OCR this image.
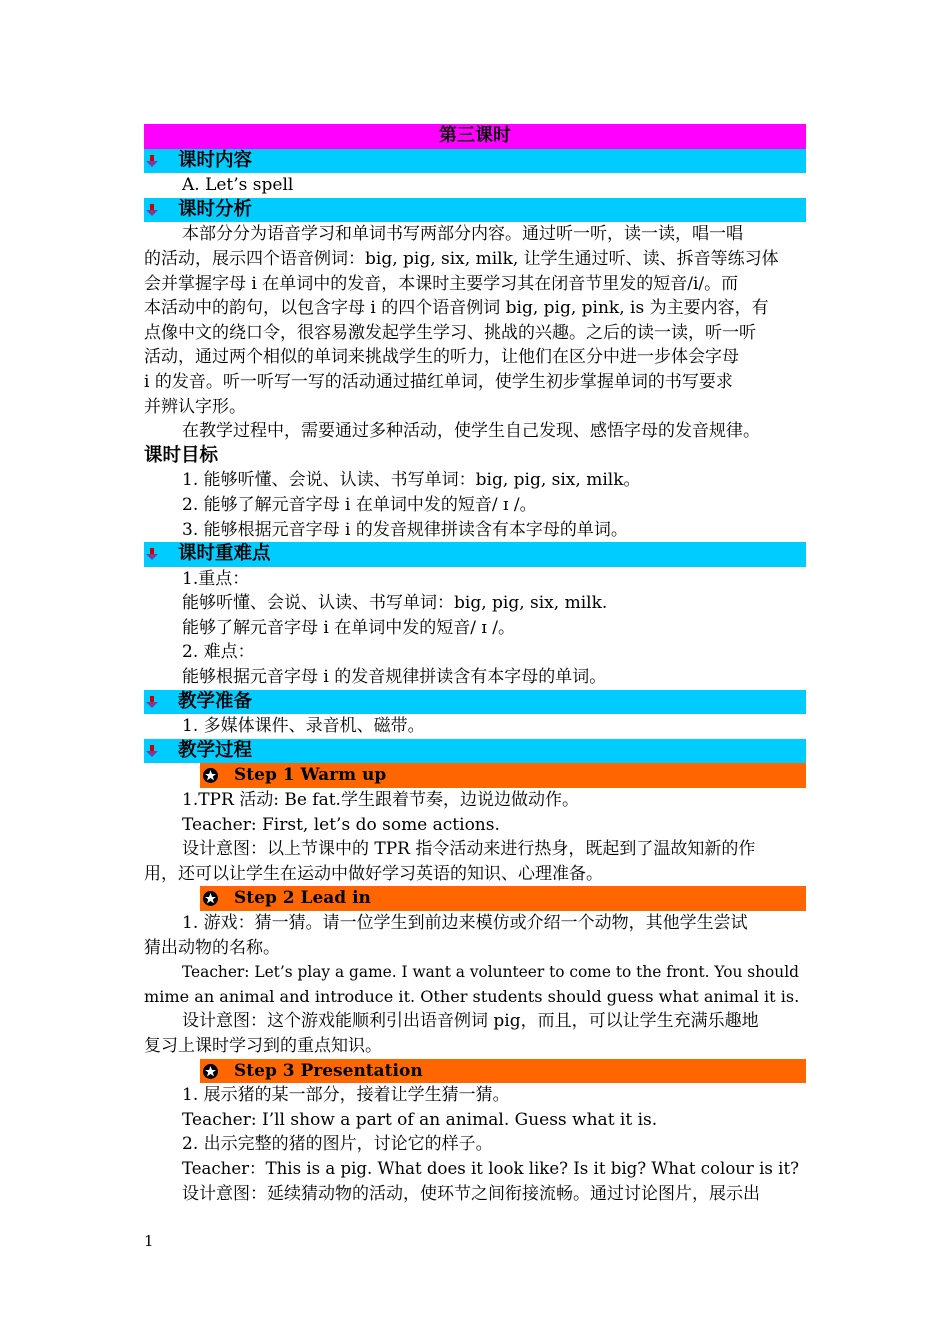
第三课时
课时内容
A. Let’s spell
课时分析
本部分分为语音学习和单词书写两部分内容。通过听一听，读一读，唱一唱
的活动，展示四个语音例词：big, pig, six, milk, 让学生通过听、读、拆音等练习体
会并掌握字母 i 在单词中的发音，本课时主要学习其在闭音节里发的短音/i/。而
本活动中的韵句，以包含字母 i 的四个语音例词 big, pig, pink, is 为主要内容，有
点像中文的绕口令，很容易激发起学生学习、挑战的兴趣。之后的读一读，听一听
活动，通过两个相似的单词来挑战学生的听力，让他们在区分中进一步体会字母
i 的发音。听一听写一写的活动通过描红单词，使学生初步掌握单词的书写要求
并辨认字形。
在教学过程中，需要通过多种活动，使学生自己发现、感悟字母的发音规律。
课时目标
1. 能够听懂、会说、认读、书写单词：big, pig, six, milk。
2. 能够了解元音字母 i 在单词中发的短音/ ɪ /。
3. 能够根据元音字母 i 的发音规律拼读含有本字母的单词。
课时重难点
1.重点：
能够听懂、会说、认读、书写单词：big, pig, six, milk.
能够了解元音字母 i 在单词中发的短音/ ɪ /。
2. 难点：
能够根据元音字母 i 的发音规律拼读含有本字母的单词。
教学准备
1. 多媒体课件、录音机、磁带。
教学过程
Step 1 Warm up
1.TPR 活动: Be fat.学生跟着节奏，边说边做动作。
Teacher: First, let’s do some actions.
设计意图：以上节课中的 TPR 指令活动来进行热身，既起到了温故知新的作
用，还可以让学生在运动中做好学习英语的知识、心理准备。
Step 2 Lead in
1. 游戏：猜一猜。请一位学生到前边来模仿或介绍一个动物，其他学生尝试
猜出动物的名称。
Teacher: Let’s play a game. I want a volunteer to come to the front. You should
mime an animal and introduce it. Other students should guess what animal it is.
设计意图：这个游戏能顺利引出语音例词 pig，而且，可以让学生充满乐趣地
复习上课时学习到的重点知识。
Step 3 Presentation
1. 展示猪的某一部分，接着让学生猜一猜。
Teacher: I’ll show a part of an animal. Guess what it is.
2. 出示完整的猪的图片，讨论它的样子。
Teacher：This is a pig. What does it look like? Is it big? What colour is it?
设计意图：延续猜动物的活动，使环节之间衔接流畅。通过讨论图片，展示出
1
